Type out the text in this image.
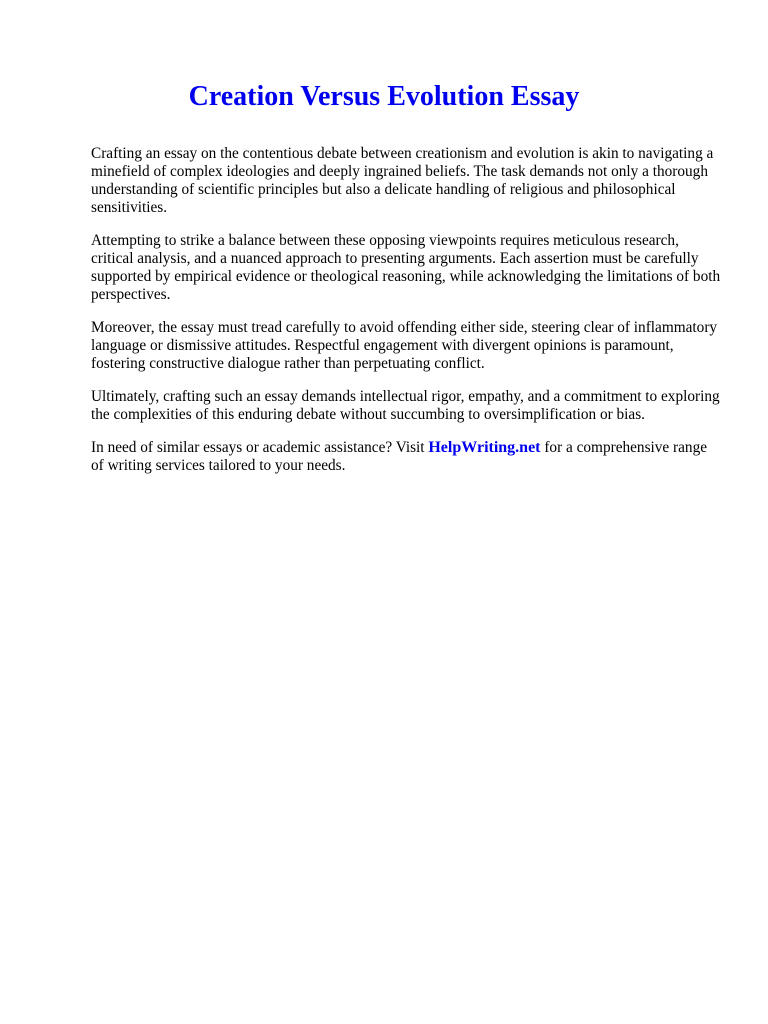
Creation Versus Evolution Essay

Crafting an essay on the contentious debate between creationism and evolution is akin to navigating a minefield of complex ideologies and deeply ingrained beliefs. The task demands not only a thorough understanding of scientific principles but also a delicate handling of religious and philosophical sensitivities.

Attempting to strike a balance between these opposing viewpoints requires meticulous research, critical analysis, and a nuanced approach to presenting arguments. Each assertion must be carefully supported by empirical evidence or theological reasoning, while acknowledging the limitations of both perspectives.

Moreover, the essay must tread carefully to avoid offending either side, steering clear of inflammatory language or dismissive attitudes. Respectful engagement with divergent opinions is paramount, fostering constructive dialogue rather than perpetuating conflict.

Ultimately, crafting such an essay demands intellectual rigor, empathy, and a commitment to exploring the complexities of this enduring debate without succumbing to oversimplification or bias.

In need of similar essays or academic assistance? Visit HelpWriting.net for a comprehensive range of writing services tailored to your needs.
